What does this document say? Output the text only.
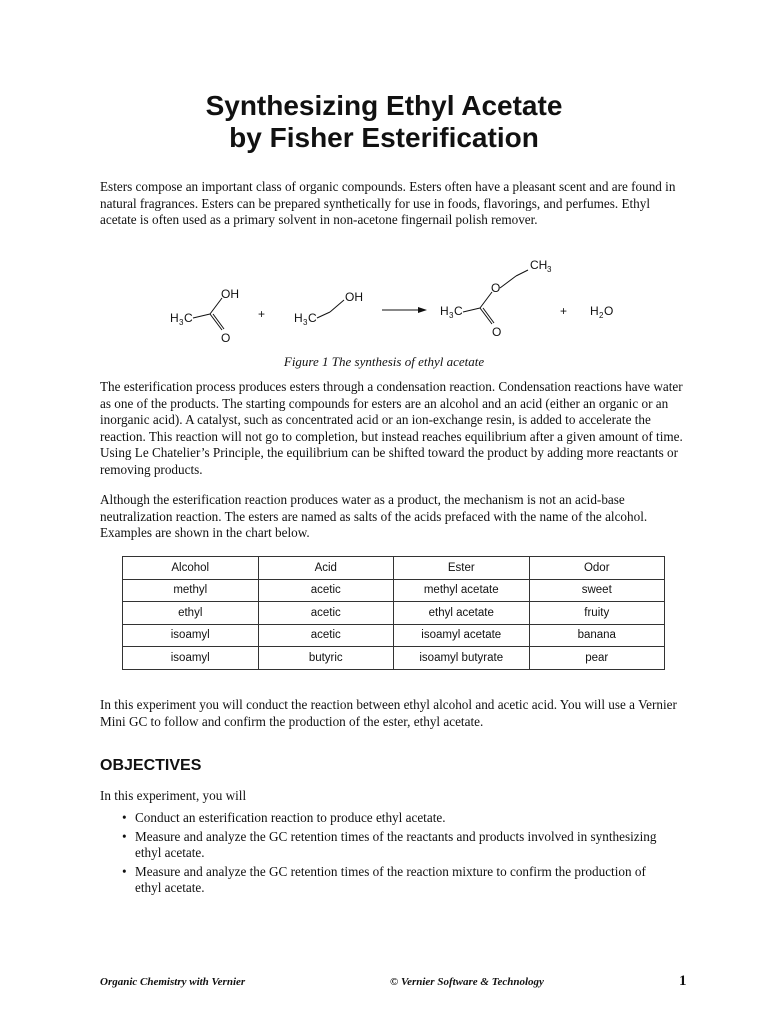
Synthesizing Ethyl Acetate
by Fisher Esterification

Esters compose an important class of organic compounds. Esters often have a pleasant scent and are found in natural fragrances. Esters can be prepared synthetically for use in foods, flavorings, and perfumes. Ethyl acetate is often used as a primary solvent in non-acetone fingernail polish remover.

H 3 C
OH
O
+ H 3 C
OH
H 3 C
O
O
CH 3
+ H 2 O
Figure 1 The synthesis of ethyl acetate

The esterification process produces esters through a condensation reaction. Condensation reactions have water as one of the products. The starting compounds for esters are an alcohol and an acid (either an organic or an inorganic acid). A catalyst, such as concentrated acid or an ion-exchange resin, is added to accelerate the reaction. This reaction will not go to completion, but instead reaches equilibrium after a given amount of time. Using Le Chatelier’s Principle, the equilibrium can be shifted toward the product by adding more reactants or removing products.

Although the esterification reaction produces water as a product, the mechanism is not an acid-base neutralization reaction. The esters are named as salts of the acids prefaced with the name of the alcohol. Examples are shown in the chart below.

Alcohol	Acid	Ester	Odor
methyl	acetic	methyl acetate	sweet
ethyl	acetic	ethyl acetate	fruity
isoamyl	acetic	isoamyl acetate	banana
isoamyl	butyric	isoamyl butyrate	pear

In this experiment you will conduct the reaction between ethyl alcohol and acetic acid. You will use a Vernier Mini GC to follow and confirm the production of the ester, ethyl acetate.

OBJECTIVES

In this experiment, you will

• Conduct an esterification reaction to produce ethyl acetate.
• Measure and analyze the GC retention times of the reactants and products involved in synthesizing ethyl acetate.
• Measure and analyze the GC retention times of the reaction mixture to confirm the production of ethyl acetate.
Organic Chemistry with Vernier	© Vernier Software & Technology	1
